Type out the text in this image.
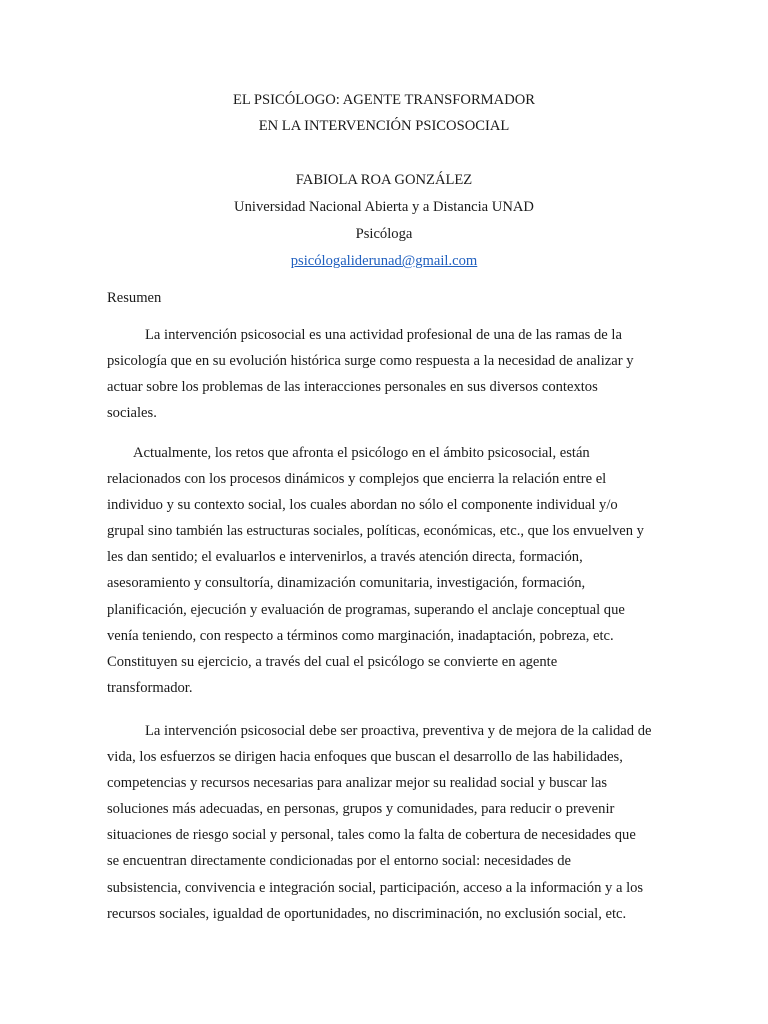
EL PSICÓLOGO: AGENTE TRANSFORMADOR
EN LA INTERVENCIÓN PSICOSOCIAL
FABIOLA ROA GONZÁLEZ
Universidad Nacional Abierta y a Distancia UNAD
Psicóloga
psicólogaliderunad@gmail.com
Resumen
La intervención psicosocial es una actividad profesional de una de las ramas de la
psicología que en su evolución histórica surge como respuesta a la necesidad de analizar y
actuar sobre los problemas de las interacciones personales en sus diversos contextos
sociales.
Actualmente, los retos que afronta el psicólogo en el ámbito psicosocial, están
relacionados con los procesos dinámicos y complejos que encierra la relación entre el
individuo y su contexto social, los cuales abordan no sólo el componente individual y/o
grupal sino también las estructuras sociales, políticas, económicas, etc., que los envuelven y
les dan sentido; el evaluarlos e intervenirlos, a través atención directa, formación,
asesoramiento y consultoría, dinamización comunitaria, investigación, formación,
planificación, ejecución y evaluación de programas, superando el anclaje conceptual que
venía teniendo, con respecto a términos como marginación, inadaptación, pobreza, etc.
Constituyen su ejercicio, a través del cual el psicólogo se convierte en agente
transformador.
La intervención psicosocial debe ser proactiva, preventiva y de mejora de la calidad de
vida, los esfuerzos se dirigen hacia enfoques que buscan el desarrollo de las habilidades,
competencias y recursos necesarias para analizar mejor su realidad social y buscar las
soluciones más adecuadas, en personas, grupos y comunidades, para reducir o prevenir
situaciones de riesgo social y personal, tales como la falta de cobertura de necesidades que
se encuentran directamente condicionadas por el entorno social: necesidades de
subsistencia, convivencia e integración social, participación, acceso a la información y a los
recursos sociales, igualdad de oportunidades, no discriminación, no exclusión social, etc.
